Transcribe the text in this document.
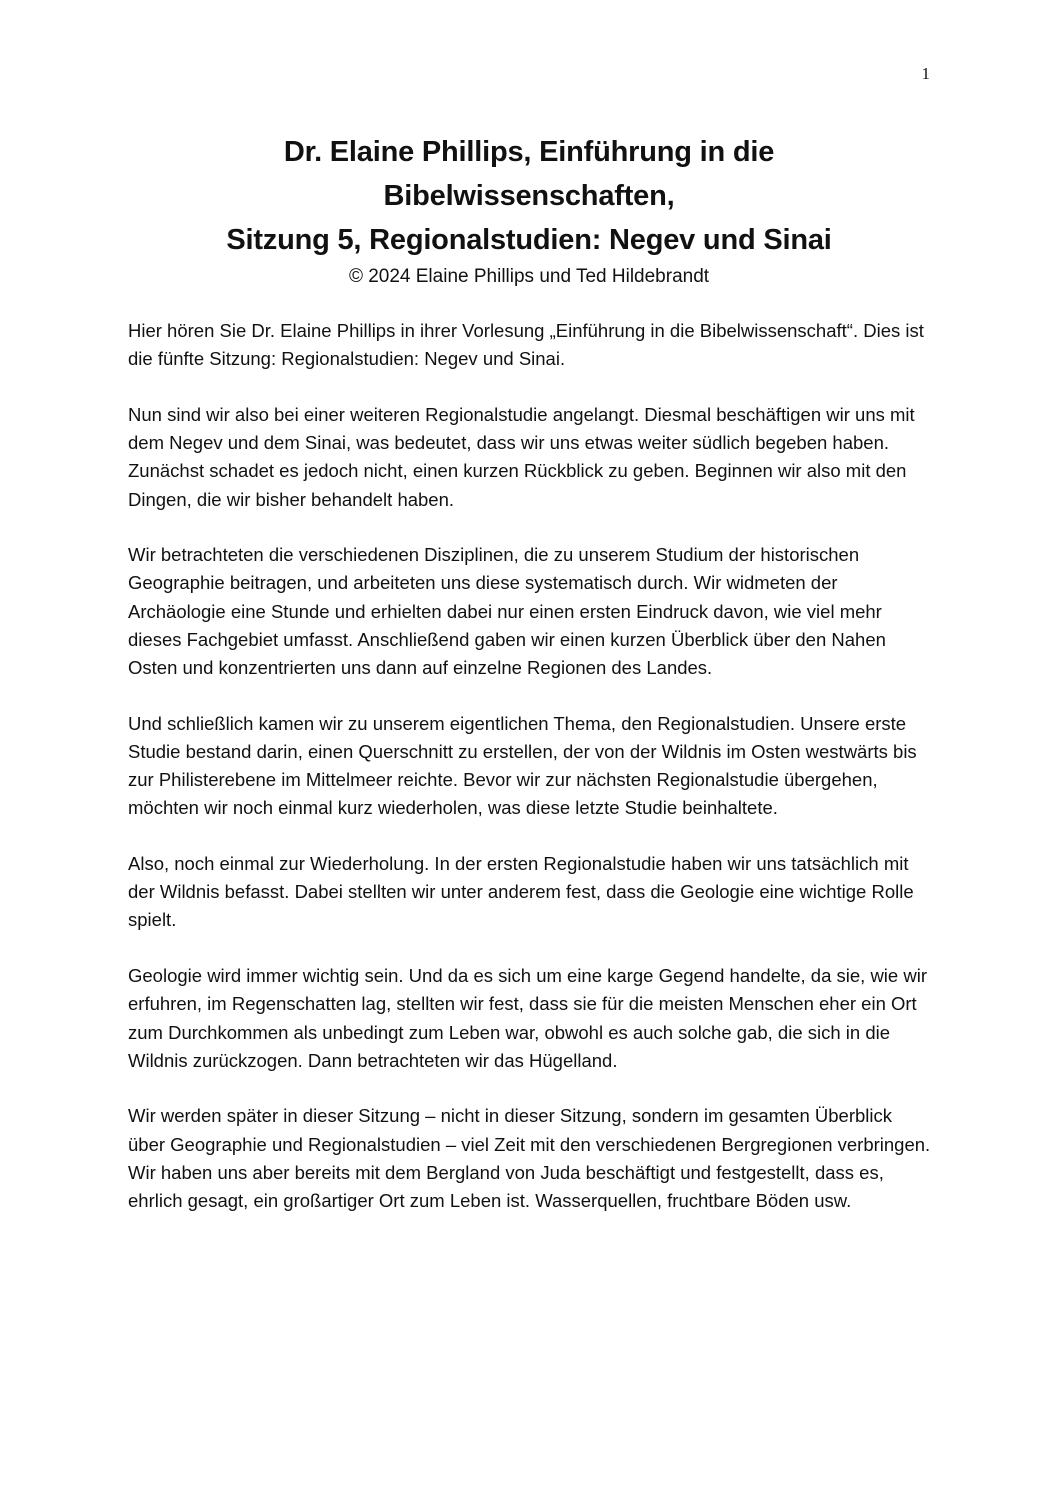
1
Dr. Elaine Phillips, Einführung in die
Bibelwissenschaften,
Sitzung 5, Regionalstudien: Negev und Sinai
© 2024 Elaine Phillips und Ted Hildebrandt

Hier hören Sie Dr. Elaine Phillips in ihrer Vorlesung „Einführung in die Bibelwissenschaft“. Dies ist die fünfte Sitzung: Regionalstudien: Negev und Sinai.

Nun sind wir also bei einer weiteren Regionalstudie angelangt. Diesmal beschäftigen wir uns mit dem Negev und dem Sinai, was bedeutet, dass wir uns etwas weiter südlich begeben haben. Zunächst schadet es jedoch nicht, einen kurzen Rückblick zu geben. Beginnen wir also mit den Dingen, die wir bisher behandelt haben.

Wir betrachteten die verschiedenen Disziplinen, die zu unserem Studium der historischen Geographie beitragen, und arbeiteten uns diese systematisch durch. Wir widmeten der Archäologie eine Stunde und erhielten dabei nur einen ersten Eindruck davon, wie viel mehr dieses Fachgebiet umfasst. Anschließend gaben wir einen kurzen Überblick über den Nahen Osten und konzentrierten uns dann auf einzelne Regionen des Landes.

Und schließlich kamen wir zu unserem eigentlichen Thema, den Regionalstudien. Unsere erste Studie bestand darin, einen Querschnitt zu erstellen, der von der Wildnis im Osten westwärts bis zur Philisterebene im Mittelmeer reichte. Bevor wir zur nächsten Regionalstudie übergehen, möchten wir noch einmal kurz wiederholen, was diese letzte Studie beinhaltete.

Also, noch einmal zur Wiederholung. In der ersten Regionalstudie haben wir uns tatsächlich mit der Wildnis befasst. Dabei stellten wir unter anderem fest, dass die Geologie eine wichtige Rolle spielt.

Geologie wird immer wichtig sein. Und da es sich um eine karge Gegend handelte, da sie, wie wir erfuhren, im Regenschatten lag, stellten wir fest, dass sie für die meisten Menschen eher ein Ort zum Durchkommen als unbedingt zum Leben war, obwohl es auch solche gab, die sich in die Wildnis zurückzogen. Dann betrachteten wir das Hügelland.

Wir werden später in dieser Sitzung – nicht in dieser Sitzung, sondern im gesamten Überblick über Geographie und Regionalstudien – viel Zeit mit den verschiedenen Bergregionen verbringen. Wir haben uns aber bereits mit dem Bergland von Juda beschäftigt und festgestellt, dass es, ehrlich gesagt, ein großartiger Ort zum Leben ist. Wasserquellen, fruchtbare Böden usw.
